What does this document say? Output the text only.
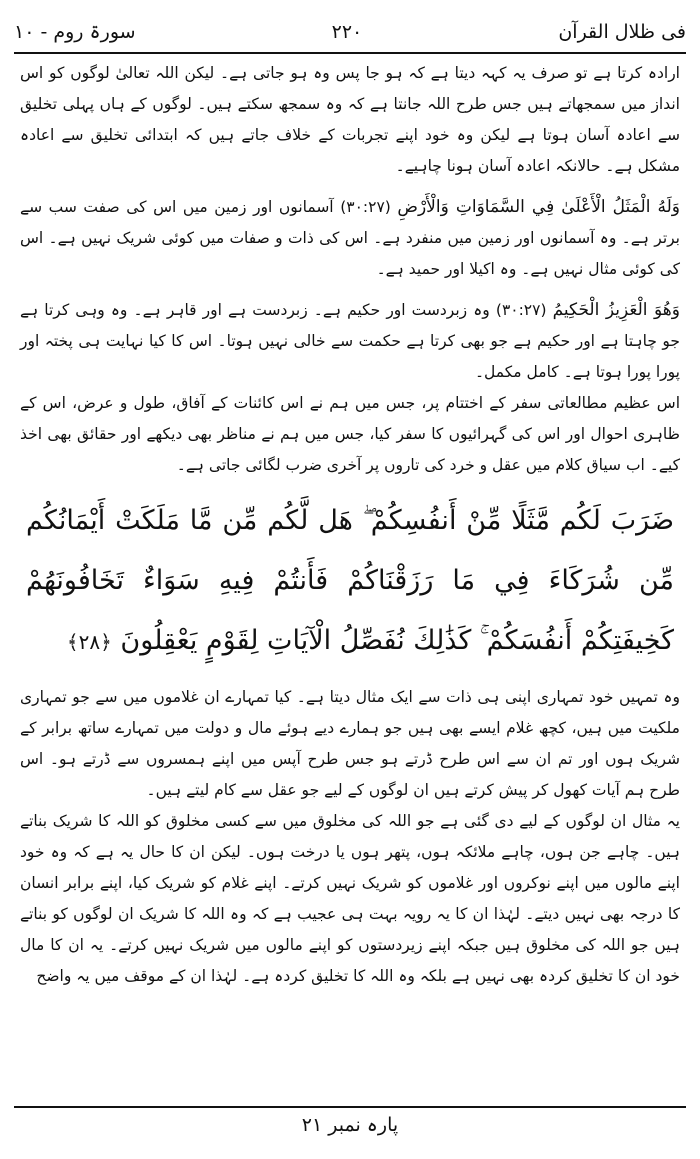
سورۃ روم - ۱۰	۲۲۰	فی ظلال القرآن

ارادہ کرتا ہے تو صرف یہ کہہ دیتا ہے کہ ہو جا پس وہ ہو جاتی ہے۔ لیکن اللہ تعالیٰ لوگوں کو اس انداز میں سمجھاتے ہیں جس طرح اللہ جانتا ہے کہ وہ سمجھ سکتے ہیں۔ لوگوں کے ہاں پہلی تخلیق سے اعادہ آسان ہوتا ہے لیکن وہ خود اپنے تجربات کے خلاف جاتے ہیں کہ ابتدائی تخلیق سے اعادہ مشکل ہے۔ حالانکہ اعادہ آسان ہونا چاہیے۔

وَلَهُ الْمَثَلُ الْأَعْلَىٰ فِي السَّمَاوَاتِ وَالْأَرْضِ (۳۰:۲۷) آسمانوں اور زمین میں اس کی صفت سب سے برتر ہے۔ وہ آسمانوں اور زمین میں منفرد ہے۔ اس کی ذات و صفات میں کوئی شریک نہیں ہے۔ اس کی کوئی مثال نہیں ہے۔ وہ اکیلا اور حمید ہے۔

وَهُوَ الْعَزِيزُ الْحَكِيمُ (۳۰:۲۷) وہ زبردست اور حکیم ہے۔ زبردست ہے اور قاہر ہے۔ وہ وہی کرتا ہے جو چاہتا ہے اور حکیم ہے جو بھی کرتا ہے حکمت سے خالی نہیں ہوتا۔ اس کا کیا نہایت ہی پختہ اور پورا پورا ہوتا ہے۔ کامل مکمل۔

اس عظیم مطالعاتی سفر کے اختتام پر، جس میں ہم نے اس کائنات کے آفاق، طول و عرض، اس کے ظاہری احوال اور اس کی گہرائیوں کا سفر کیا، جس میں ہم نے مناظر بھی دیکھے اور حقائق بھی اخذ کیے۔ اب سیاق کلام میں عقل و خرد کی تاروں پر آخری ضرب لگائی جاتی ہے۔

ضَرَبَ لَكُم مَّثَلًا مِّنْ أَنفُسِكُمْ ۖ هَل لَّكُم مِّن مَّا مَلَكَتْ أَيْمَانُكُم مِّن شُرَكَاءَ فِي مَا رَزَقْنَاكُمْ فَأَنتُمْ فِيهِ سَوَاءٌ تَخَافُونَهُمْ كَخِيفَتِكُمْ أَنفُسَكُمْ ۚ كَذَٰلِكَ نُفَصِّلُ الْآيَاتِ لِقَوْمٍ يَعْقِلُونَ ﴿۲۸﴾

وہ تمہیں خود تمہاری اپنی ہی ذات سے ایک مثال دیتا ہے۔ کیا تمہارے ان غلاموں میں سے جو تمہاری ملکیت میں ہیں، کچھ غلام ایسے بھی ہیں جو ہمارے دیے ہوئے مال و دولت میں تمہارے ساتھ برابر کے شریک ہوں اور تم ان سے اس طرح ڈرتے ہو جس طرح آپس میں اپنے ہمسروں سے ڈرتے ہو۔ اس طرح ہم آیات کھول کر پیش کرتے ہیں ان لوگوں کے لیے جو عقل سے کام لیتے ہیں۔

یہ مثال ان لوگوں کے لیے دی گئی ہے جو اللہ کی مخلوق میں سے کسی مخلوق کو اللہ کا شریک بناتے ہیں۔ چاہے جن ہوں، چاہے ملائکہ ہوں، پتھر ہوں یا درخت ہوں۔ لیکن ان کا حال یہ ہے کہ وہ خود اپنے مالوں میں اپنے نوکروں اور غلاموں کو شریک نہیں کرتے۔ اپنے غلام کو شریک کیا، اپنے برابر انسان کا درجہ بھی نہیں دیتے۔ لہٰذا ان کا یہ رویہ بہت ہی عجیب ہے کہ وہ اللہ کا شریک ان لوگوں کو بناتے ہیں جو اللہ کی مخلوق ہیں جبکہ اپنے زیردستوں کو اپنے مالوں میں شریک نہیں کرتے۔ یہ ان کا مال خود ان کا تخلیق کردہ بھی نہیں ہے بلکہ وہ اللہ کا تخلیق کردہ ہے۔ لہٰذا ان کے موقف میں یہ واضح

پارہ نمبر ۲۱
